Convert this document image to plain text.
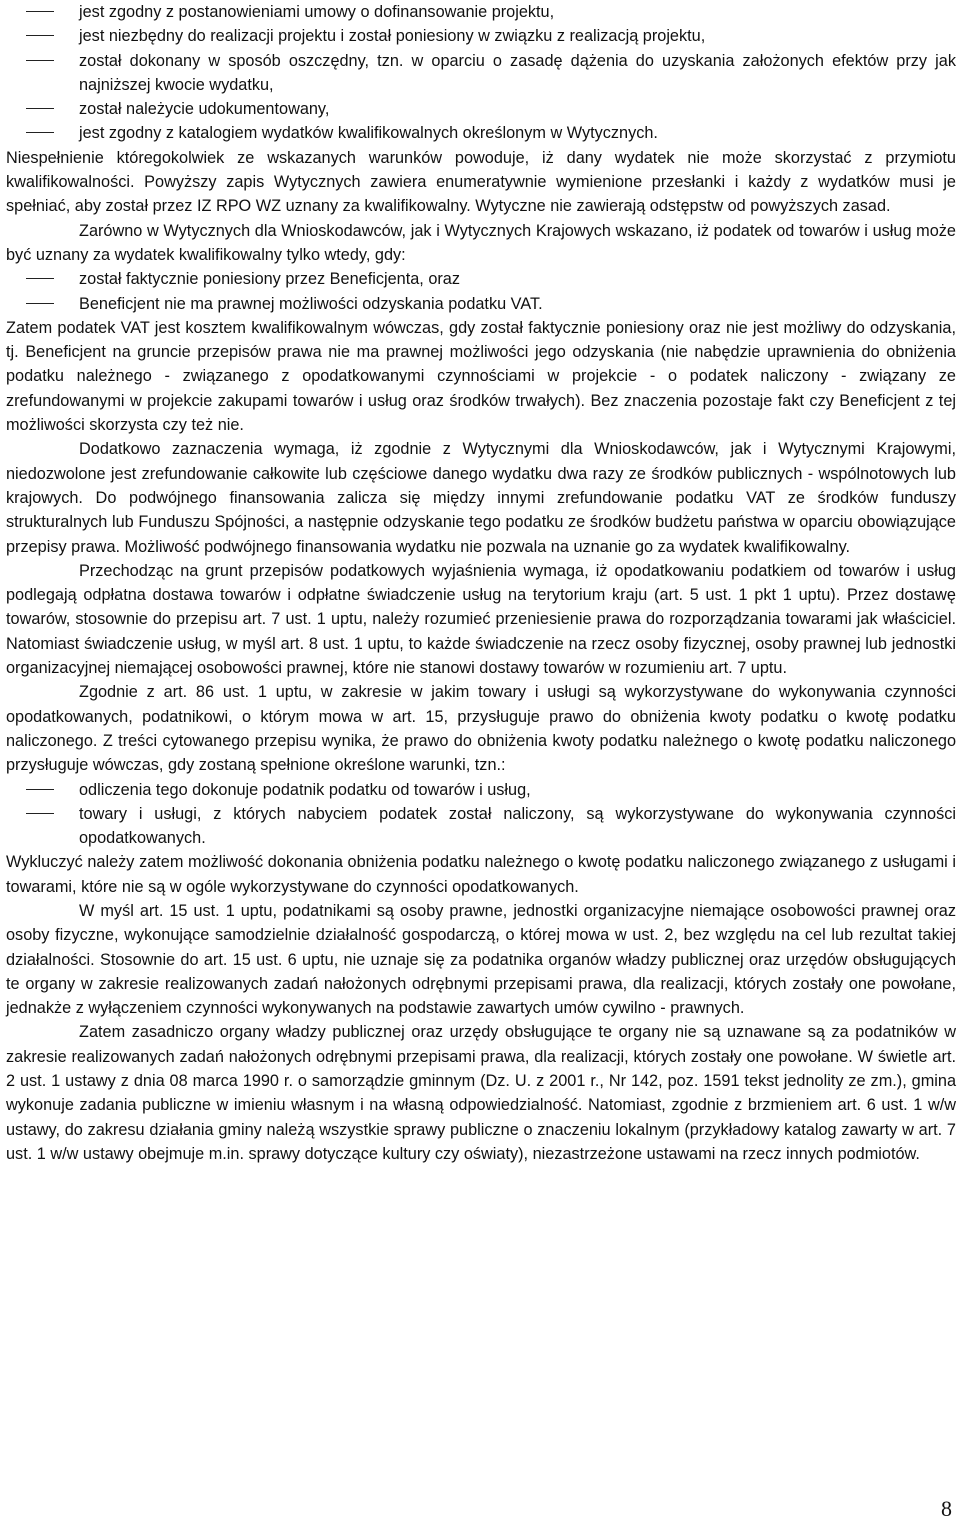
jest zgodny z postanowieniami umowy o dofinansowanie projektu,
jest niezbędny do realizacji projektu i został poniesiony w związku z realizacją projektu,
został dokonany w sposób oszczędny, tzn. w oparciu o zasadę dążenia do uzyskania założonych efektów przy jak najniższej kwocie wydatku,
został należycie udokumentowany,
jest zgodny z katalogiem wydatków kwalifikowalnych określonym w Wytycznych.

Niespełnienie któregokolwiek ze wskazanych warunków powoduje, iż dany wydatek nie może skorzystać z przymiotu kwalifikowalności. Powyższy zapis Wytycznych zawiera enumeratywnie wymienione przesłanki i każdy z wydatków musi je spełniać, aby został przez IZ RPO WZ uznany za kwalifikowalny. Wytyczne nie zawierają odstępstw od powyższych zasad.

Zarówno w Wytycznych dla Wnioskodawców, jak i Wytycznych Krajowych wskazano, iż podatek od towarów i usług może być uznany za wydatek kwalifikowalny tylko wtedy, gdy:

został faktycznie poniesiony przez Beneficjenta, oraz
Beneficjent nie ma prawnej możliwości odzyskania podatku VAT.

Zatem podatek VAT jest kosztem kwalifikowalnym wówczas, gdy został faktycznie poniesiony oraz nie jest możliwy do odzyskania, tj. Beneficjent na gruncie przepisów prawa nie ma prawnej możliwości jego odzyskania (nie nabędzie uprawnienia do obniżenia podatku należnego - związanego z opodatkowanymi czynnościami w projekcie - o podatek naliczony - związany ze zrefundowanymi w projekcie zakupami towarów i usług oraz środków trwałych). Bez znaczenia pozostaje fakt czy Beneficjent z tej możliwości skorzysta czy też nie.

Dodatkowo zaznaczenia wymaga, iż zgodnie z Wytycznymi dla Wnioskodawców, jak i Wytycznymi Krajowymi, niedozwolone jest zrefundowanie całkowite lub częściowe danego wydatku dwa razy ze środków publicznych - wspólnotowych lub krajowych. Do podwójnego finansowania zalicza się między innymi zrefundowanie podatku VAT ze środków funduszy strukturalnych lub Funduszu Spójności, a następnie odzyskanie tego podatku ze środków budżetu państwa w oparciu obowiązujące przepisy prawa. Możliwość podwójnego finansowania wydatku nie pozwala na uznanie go za wydatek kwalifikowalny.

Przechodząc na grunt przepisów podatkowych wyjaśnienia wymaga, iż opodatkowaniu podatkiem od towarów i usług podlegają odpłatna dostawa towarów i odpłatne świadczenie usług na terytorium kraju (art. 5 ust. 1 pkt 1 uptu). Przez dostawę towarów, stosownie do przepisu art. 7 ust. 1 uptu, należy rozumieć przeniesienie prawa do rozporządzania towarami jak właściciel. Natomiast świadczenie usług, w myśl art. 8 ust. 1 uptu, to każde świadczenie na rzecz osoby fizycznej, osoby prawnej lub jednostki organizacyjnej niemającej osobowości prawnej, które nie stanowi dostawy towarów w rozumieniu art. 7 uptu.

Zgodnie z art. 86 ust. 1 uptu, w zakresie w jakim towary i usługi są wykorzystywane do wykonywania czynności opodatkowanych, podatnikowi, o którym mowa w art. 15, przysługuje prawo do obniżenia kwoty podatku o kwotę podatku naliczonego. Z treści cytowanego przepisu wynika, że prawo do obniżenia kwoty podatku należnego o kwotę podatku naliczonego przysługuje wówczas, gdy zostaną spełnione określone warunki, tzn.:

odliczenia tego dokonuje podatnik podatku od towarów i usług,
towary i usługi, z których nabyciem podatek został naliczony, są wykorzystywane do wykonywania czynności opodatkowanych.

Wykluczyć należy zatem możliwość dokonania obniżenia podatku należnego o kwotę podatku naliczonego związanego z usługami i towarami, które nie są w ogóle wykorzystywane do czynności opodatkowanych.

W myśl art. 15 ust. 1 uptu, podatnikami są osoby prawne, jednostki organizacyjne niemające osobowości prawnej oraz osoby fizyczne, wykonujące samodzielnie działalność gospodarczą, o której mowa w ust. 2, bez względu na cel lub rezultat takiej działalności. Stosownie do art. 15 ust. 6 uptu, nie uznaje się za podatnika organów władzy publicznej oraz urzędów obsługujących te organy w zakresie realizowanych zadań nałożonych odrębnymi przepisami prawa, dla realizacji, których zostały one powołane, jednakże z wyłączeniem czynności wykonywanych na podstawie zawartych umów cywilno - prawnych.

Zatem zasadniczo organy władzy publicznej oraz urzędy obsługujące te organy nie są uznawane są za podatników w zakresie realizowanych zadań nałożonych odrębnymi przepisami prawa, dla realizacji, których zostały one powołane. W świetle art. 2 ust. 1 ustawy z dnia 08 marca 1990 r. o samorządzie gminnym (Dz. U. z 2001 r., Nr 142, poz. 1591 tekst jednolity ze zm.), gmina wykonuje zadania publiczne w imieniu własnym i na własną odpowiedzialność. Natomiast, zgodnie z brzmieniem art. 6 ust. 1 w/w ustawy, do zakresu działania gminy należą wszystkie sprawy publiczne o znaczeniu lokalnym (przykładowy katalog zawarty w art. 7 ust. 1 w/w ustawy obejmuje m.in. sprawy dotyczące kultury czy oświaty), niezastrzeżone ustawami na rzecz innych podmiotów.

8
